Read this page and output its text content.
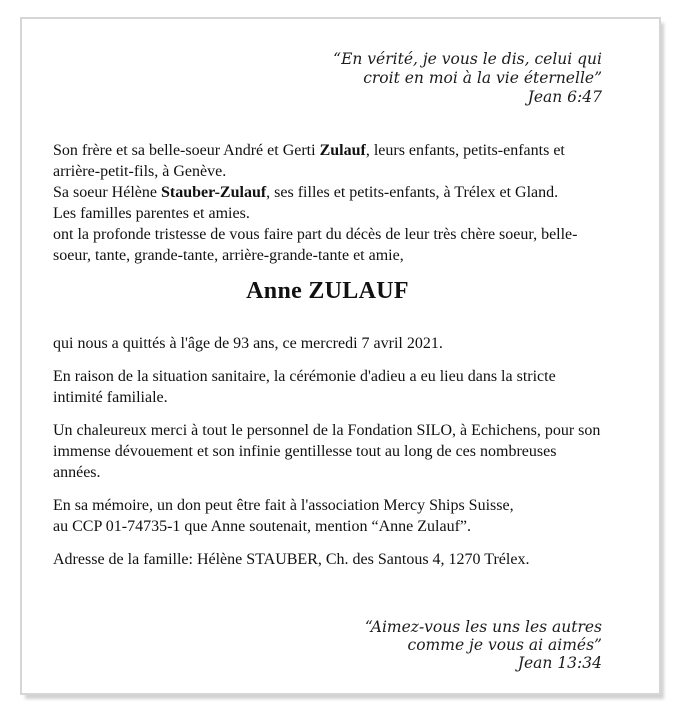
“En vérité, je vous le dis, celui qui
croit en moi à la vie éternelle”
Jean 6:47
Son frère et sa belle-soeur André et Gerti Zulauf, leurs enfants, petits-enfants et
arrière-petit-fils, à Genève.
Sa soeur Hélène Stauber-Zulauf, ses filles et petits-enfants, à Trélex et Gland.
Les familles parentes et amies.
ont la profonde tristesse de vous faire part du décès de leur très chère soeur, belle-
soeur, tante, grande-tante, arrière-grande-tante et amie,
Anne ZULAUF
qui nous a quittés à l'âge de 93 ans, ce mercredi 7 avril 2021.
En raison de la situation sanitaire, la cérémonie d'adieu a eu lieu dans la stricte
intimité familiale.
Un chaleureux merci à tout le personnel de la Fondation SILO, à Echichens, pour son
immense dévouement et son infinie gentillesse tout au long de ces nombreuses
années.
En sa mémoire, un don peut être fait à l'association Mercy Ships Suisse,
au CCP 01-74735-1 que Anne soutenait, mention “Anne Zulauf”.
Adresse de la famille: Hélène STAUBER, Ch. des Santous 4, 1270 Trélex.
“Aimez-vous les uns les autres
comme je vous ai aimés”
Jean 13:34
